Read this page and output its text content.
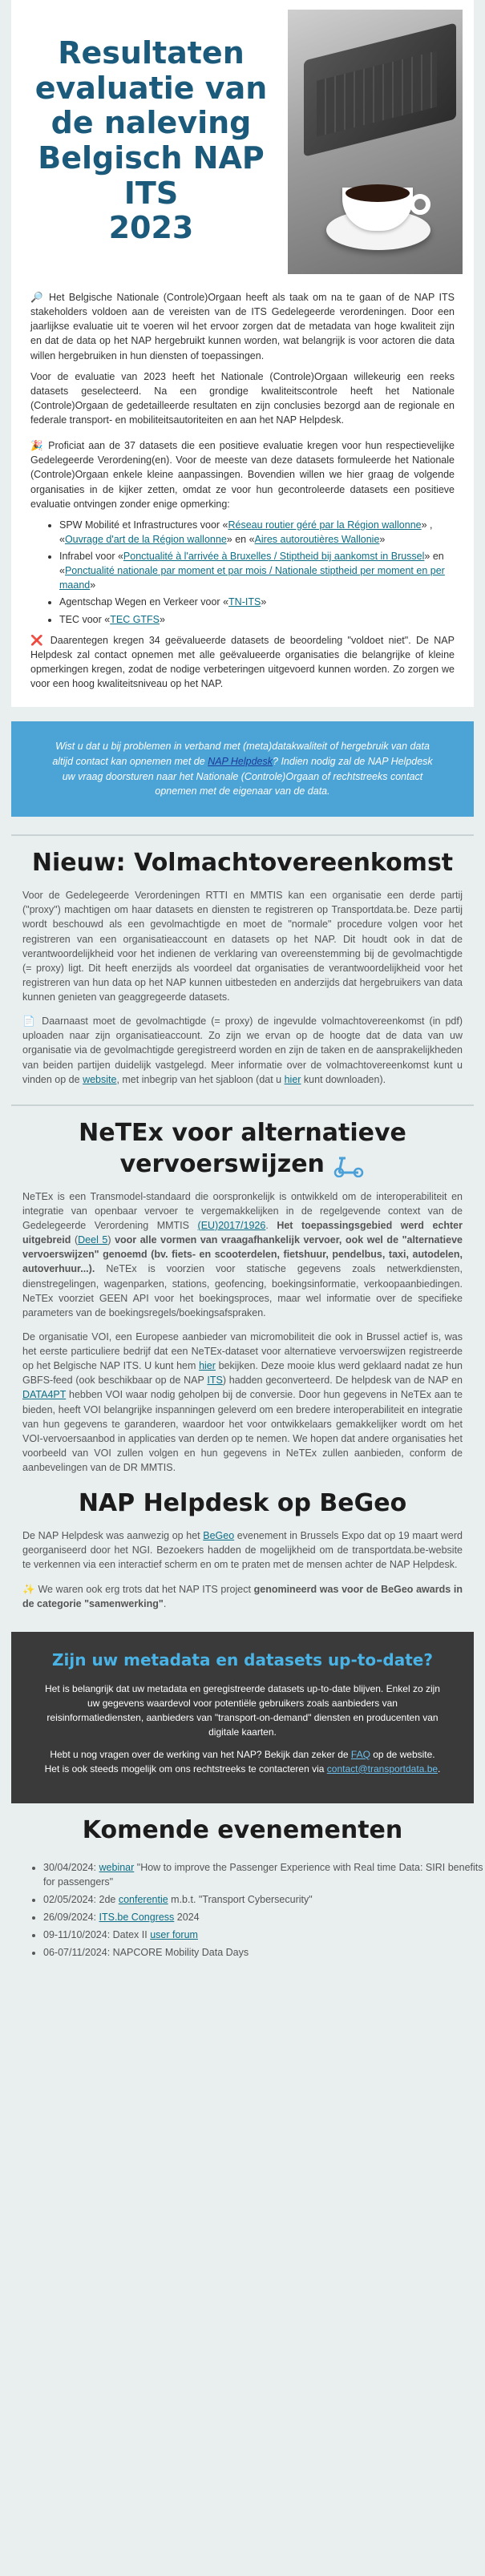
Resultaten
evaluatie van
de naleving
Belgisch NAP ITS
2023

🔎 Het Belgische Nationale (Controle)Orgaan heeft als taak om na te gaan of de NAP ITS stakeholders voldoen aan de vereisten van de ITS Gedelegeerde verordeningen. Door een jaarlijkse evaluatie uit te voeren wil het ervoor zorgen dat de metadata van hoge kwaliteit zijn en dat de data op het NAP hergebruikt kunnen worden, wat belangrijk is voor actoren die data willen hergebruiken in hun diensten of toepassingen.

Voor de evaluatie van 2023 heeft het Nationale (Controle)Orgaan willekeurig een reeks datasets geselecteerd. Na een grondige kwaliteitscontrole heeft het Nationale (Controle)Orgaan de gedetailleerde resultaten en zijn conclusies bezorgd aan de regionale en federale transport- en mobiliteitsautoriteiten en aan het NAP Helpdesk.

🎉 Proficiat aan de 37 datasets die een positieve evaluatie kregen voor hun respectievelijke Gedelegeerde Verordening(en). Voor de meeste van deze datasets formuleerde het Nationale (Controle)Orgaan enkele kleine aanpassingen. Bovendien willen we hier graag de volgende organisaties in de kijker zetten, omdat ze voor hun gecontroleerde datasets een positieve evaluatie ontvingen zonder enige opmerking:

• SPW Mobilité et Infrastructures voor «Réseau routier géré par la Région wallonne» , «Ouvrage d'art de la Région wallonne» en «Aires autoroutières Wallonie»
• Infrabel voor «Ponctualité à l'arrivée à Bruxelles / Stiptheid bij aankomst in Brussel» en «Ponctualité nationale par moment et par mois / Nationale stiptheid per moment en per maand»
• Agentschap Wegen en Verkeer voor «TN-ITS»
• TEC voor «TEC GTFS»

❌ Daarentegen kregen 34 geëvalueerde datasets de beoordeling "voldoet niet". De NAP Helpdesk zal contact opnemen met alle geëvalueerde organisaties die belangrijke of kleine opmerkingen kregen, zodat de nodige verbeteringen uitgevoerd kunnen worden. Zo zorgen we voor een hoog kwaliteitsniveau op het NAP.

Wist u dat u bij problemen in verband met (meta)datakwaliteit of hergebruik van data altijd contact kan opnemen met de NAP Helpdesk? Indien nodig zal de NAP Helpdesk uw vraag doorsturen naar het Nationale (Controle)Orgaan of rechtstreeks contact opnemen met de eigenaar van de data.
Nieuw: Volmachtovereenkomst

Voor de Gedelegeerde Verordeningen RTTI en MMTIS kan een organisatie een derde partij ("proxy") machtigen om haar datasets en diensten te registreren op Transportdata.be. Deze partij wordt beschouwd als een gevolmachtigde en moet de "normale" procedure volgen voor het registreren van een organisatieaccount en datasets op het NAP. Dit houdt ook in dat de verantwoordelijkheid voor het indienen de verklaring van overeenstemming bij de gevolmachtigde (= proxy) ligt. Dit heeft enerzijds als voordeel dat organisaties de verantwoordelijkheid voor het registreren van hun data op het NAP kunnen uitbesteden en anderzijds dat hergebruikers van data kunnen genieten van geaggregeerde datasets.

📄 Daarnaast moet de gevolmachtigde (= proxy) de ingevulde volmachtovereenkomst (in pdf) uploaden naar zijn organisatieaccount. Zo zijn we ervan op de hoogte dat de data van uw organisatie via de gevolmachtigde geregistreerd worden en zijn de taken en de aansprakelijkheden van beiden partijen duidelijk vastgelegd. Meer informatie over de volmachtovereenkomst kunt u vinden op de website, met inbegrip van het sjabloon (dat u hier kunt downloaden).

NeTEx voor alternatieve
vervoerswijzen

NeTEx is een Transmodel-standaard die oorspronkelijk is ontwikkeld om de interoperabiliteit en integratie van openbaar vervoer te vergemakkelijken in de regelgevende context van de Gedelegeerde Verordening MMTIS (EU)2017/1926. Het toepassingsgebied werd echter uitgebreid (Deel 5) voor alle vormen van vraagafhankelijk vervoer, ook wel de "alternatieve vervoerswijzen" genoemd (bv. fiets- en scooterdelen, fietshuur, pendelbus, taxi, autodelen, autoverhuur...). NeTEx is voorzien voor statische gegevens zoals netwerkdiensten, dienstregelingen, wagenparken, stations, geofencing, boekingsinformatie, verkoopaanbiedingen. NeTEx voorziet GEEN API voor het boekingsproces, maar wel informatie over de specifieke parameters van de boekingsregels/boekingsafspraken.

De organisatie VOI, een Europese aanbieder van micromobiliteit die ook in Brussel actief is, was het eerste particuliere bedrijf dat een NeTEx-dataset voor alternatieve vervoerswijzen registreerde op het Belgische NAP ITS. U kunt hem hier bekijken. Deze mooie klus werd geklaard nadat ze hun GBFS-feed (ook beschikbaar op de NAP ITS) hadden geconverteerd. De helpdesk van de NAP en DATA4PT hebben VOI waar nodig geholpen bij de conversie. Door hun gegevens in NeTEx aan te bieden, heeft VOI belangrijke inspanningen geleverd om een bredere interoperabiliteit en integratie van hun gegevens te garanderen, waardoor het voor ontwikkelaars gemakkelijker wordt om het VOI-vervoersaanbod in applicaties van derden op te nemen. We hopen dat andere organisaties het voorbeeld van VOI zullen volgen en hun gegevens in NeTEx zullen aanbieden, conform de aanbevelingen van de DR MMTIS.

NAP Helpdesk op BeGeo

De NAP Helpdesk was aanwezig op het BeGeo evenement in Brussels Expo dat op 19 maart werd georganiseerd door het NGI. Bezoekers hadden de mogelijkheid om de transportdata.be-website te verkennen via een interactief scherm en om te praten met de mensen achter de NAP Helpdesk.

✨ We waren ook erg trots dat het NAP ITS project genomineerd was voor de BeGeo awards in de categorie "samenwerking".

Zijn uw metadata en datasets up-to-date?

Het is belangrijk dat uw metadata en geregistreerde datasets up-to-date blijven. Enkel zo zijn uw gegevens waardevol voor potentiële gebruikers zoals aanbieders van reisinformatiediensten, aanbieders van "transport-on-demand" diensten en producenten van digitale kaarten.

Hebt u nog vragen over de werking van het NAP? Bekijk dan zeker de FAQ op de website. Het is ook steeds mogelijk om ons rechtstreeks te contacteren via contact@transportdata.be.

Komende evenementen
• 30/04/2024: webinar "How to improve the Passenger Experience with Real time Data: SIRI benefits for passengers"
• 02/05/2024: 2de conferentie m.b.t. "Transport Cybersecurity"
• 26/09/2024: ITS.be Congress 2024
• 09-11/10/2024: Datex II user forum
• 06-07/11/2024: NAPCORE Mobility Data Days
